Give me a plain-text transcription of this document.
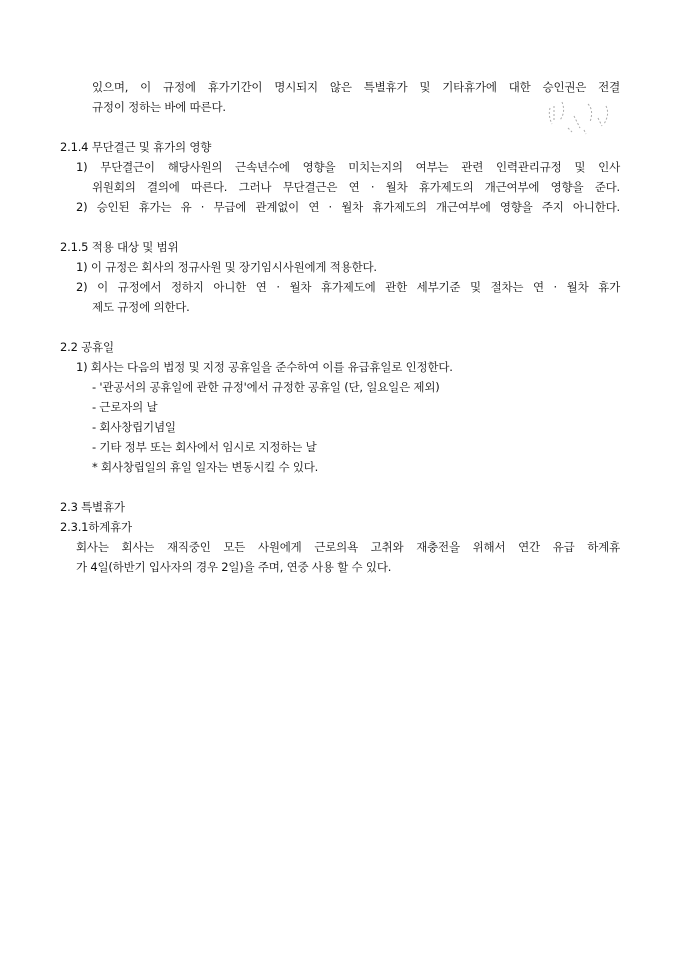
있으며, 이 규정에 휴가기간이 명시되지 않은 특별휴가 및 기타휴가에 대한 승인권은 전결
규정이 정하는 바에 따른다.
2.1.4 무단결근 및 휴가의 영향
1) 무단결근이 해당사원의 근속년수에 영향을 미치는지의 여부는 관련 인력관리규정 및 인사
위원회의 결의에 따른다. 그러나 무단결근은 연 · 월차 휴가제도의 개근여부에 영향을 준다.
2) 승인된 휴가는 유 · 무급에 관계없이 연 · 월차 휴가제도의 개근여부에 영향을 주지 아니한다.
2.1.5 적용 대상 및 범위
1) 이 규정은 회사의 정규사원 및 장기임시사원에게 적용한다.
2) 이 규정에서 정하지 아니한 연 · 월차 휴가제도에 관한 세부기준 및 절차는 연 · 월차 휴가
제도 규정에 의한다.
2.2 공휴일
1) 회사는 다음의 법정 및 지정 공휴일을 준수하여 이를 유급휴일로 인정한다.
- '관공서의 공휴일에 관한 규정'에서 규정한 공휴일 (단, 일요일은 제외)
- 근로자의 날
- 회사창립기념일
- 기타 정부 또는 회사에서 임시로 지정하는 날
* 회사창립일의 휴일 일자는 변동시킬 수 있다.
2.3 특별휴가
2.3.1하계휴가
회사는 회사는 재직중인 모든 사원에게 근로의욕 고취와 재충전을 위해서 연간 유급 하계휴
가 4일(하반기 입사자의 경우 2일)을 주며, 연중 사용 할 수 있다.
